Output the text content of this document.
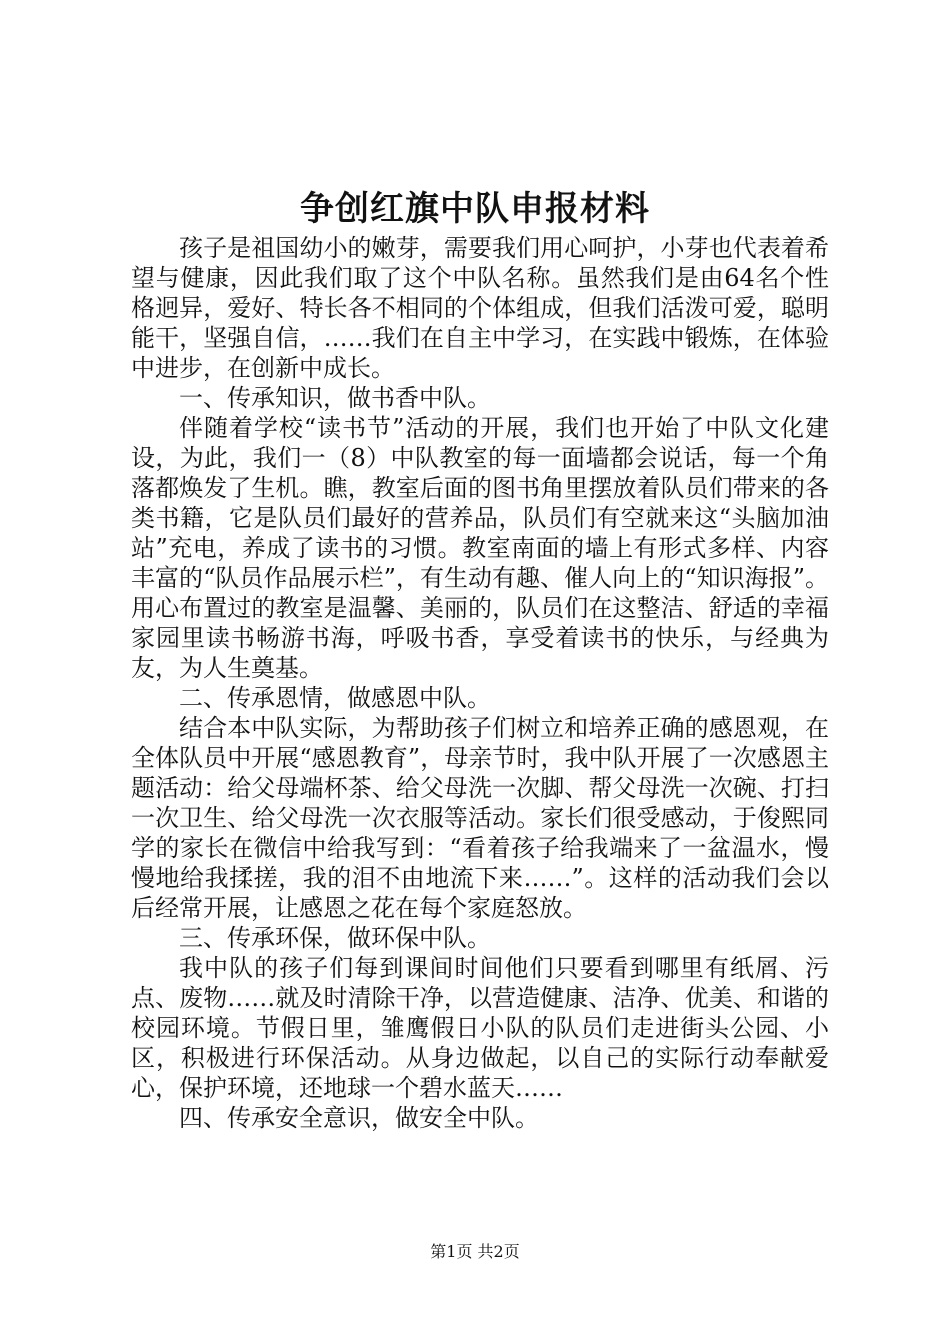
争创红旗中队申报材料

孩子是祖国幼小的嫩芽，需要我们用心呵护，小芽也代表着希望与健康，因此我们取了这个中队名称。虽然我们是由64名个性格迥异，爱好、特长各不相同的个体组成，但我们活泼可爱，聪明能干，坚强自信，……我们在自主中学习，在实践中锻炼，在体验中进步，在创新中成长。

一、传承知识，做书香中队。

伴随着学校“读书节”活动的开展，我们也开始了中队文化建设，为此，我们一（8）中队教室的每一面墙都会说话，每一个角落都焕发了生机。瞧，教室后面的图书角里摆放着队员们带来的各类书籍，它是队员们最好的营养品，队员们有空就来这“头脑加油站”充电，养成了读书的习惯。教室南面的墙上有形式多样、内容丰富的“队员作品展示栏”，有生动有趣、催人向上的“知识海报”。用心布置过的教室是温馨、美丽的，队员们在这整洁、舒适的幸福家园里读书畅游书海，呼吸书香，享受着读书的快乐，与经典为友，为人生奠基。

二、传承恩情，做感恩中队。

结合本中队实际，为帮助孩子们树立和培养正确的感恩观，在全体队员中开展“感恩教育”，母亲节时，我中队开展了一次感恩主题活动：给父母端杯茶、给父母洗一次脚、帮父母洗一次碗、打扫一次卫生、给父母洗一次衣服等活动。家长们很受感动，于俊熙同学的家长在微信中给我写到：“看着孩子给我端来了一盆温水，慢慢地给我揉搓，我的泪不由地流下来……”。这样的活动我们会以后经常开展，让感恩之花在每个家庭怒放。

三、传承环保，做环保中队。

我中队的孩子们每到课间时间他们只要看到哪里有纸屑、污点、废物……就及时清除干净，以营造健康、洁净、优美、和谐的校园环境。节假日里，雏鹰假日小队的队员们走进街头公园、小区，积极进行环保活动。从身边做起，以自己的实际行动奉献爱心，保护环境，还地球一个碧水蓝天……

四、传承安全意识，做安全中队。

第1页 共2页
